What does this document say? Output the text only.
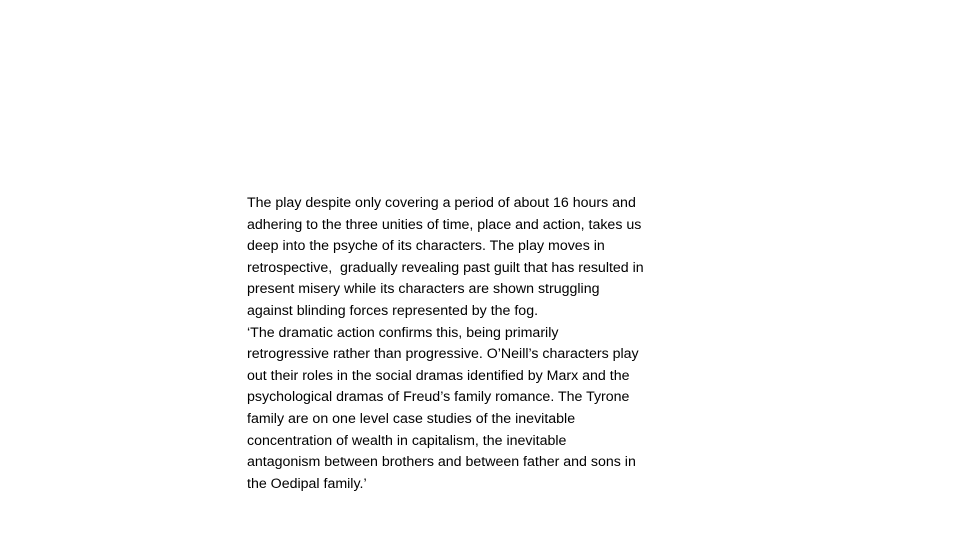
The play despite only covering a period of about 16 hours and
adhering to the three unities of time, place and action, takes us
deep into the psyche of its characters. The play moves in
retrospective,  gradually revealing past guilt that has resulted in
present misery while its characters are shown struggling
against blinding forces represented by the fog.
‘The dramatic action confirms this, being primarily
retrogressive rather than progressive. O’Neill’s characters play
out their roles in the social dramas identified by Marx and the
psychological dramas of Freud’s family romance. The Tyrone
family are on one level case studies of the inevitable
concentration of wealth in capitalism, the inevitable
antagonism between brothers and between father and sons in
the Oedipal family.’
